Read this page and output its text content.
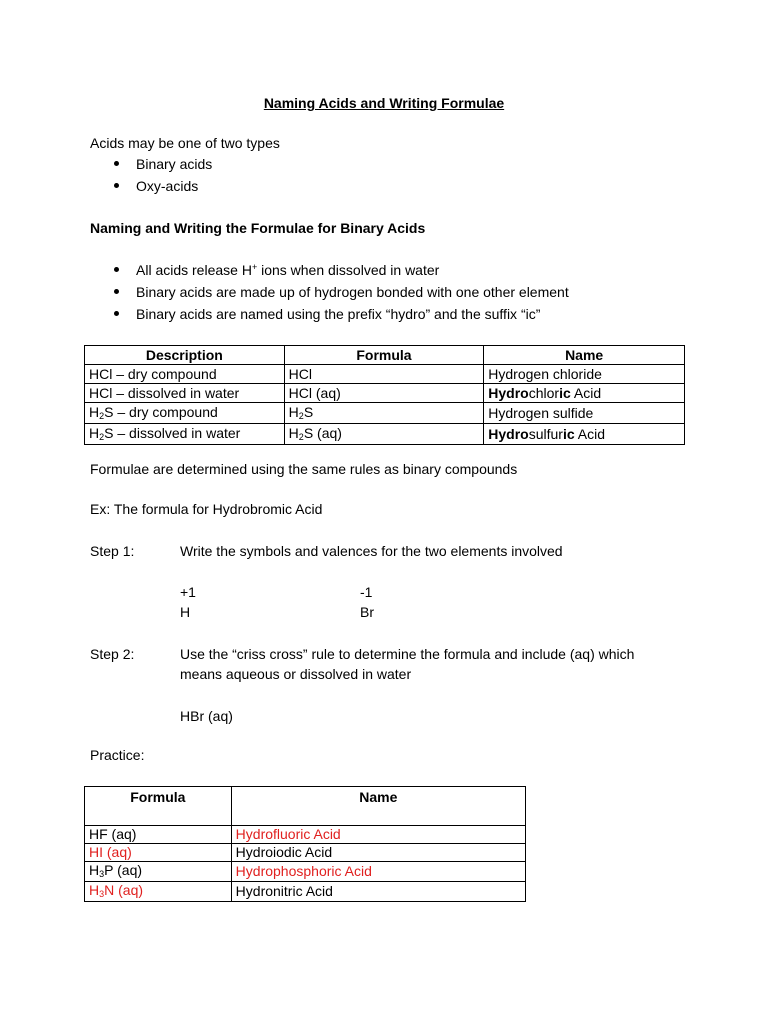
Naming Acids and Writing Formulae
Acids may be one of two types
Binary acids
Oxy-acids
Naming and Writing the Formulae for Binary Acids
All acids release H+ ions when dissolved in water
Binary acids are made up of hydrogen bonded with one other element
Binary acids are named using the prefix “hydro” and the suffix “ic”
Description	Formula	Name
HCl – dry compound	HCl	Hydrogen chloride
HCl – dissolved in water	HCl (aq)	Hydrochloric Acid
$H_2S$ – dry compound	$H_2S$	Hydrogen sulfide
$H_2S$ – dissolved in water	$H_2S$ (aq)	Hydrosulfuric Acid
Formulae are determined using the same rules as binary compounds
Ex: The formula for Hydrobromic Acid
Step 1:	Write the symbols and valences for the two elements involved
+1	-1
H	Br
Step 2:	Use the “criss cross” rule to determine the formula and include (aq) which
means aqueous or dissolved in water
HBr (aq)
Practice:
Formula	Name
HF (aq)	Hydrofluoric Acid
HI (aq)	Hydroiodic Acid
$H_3P$ (aq)	Hydrophosphoric Acid
$H_3N$ (aq)	Hydronitric Acid
